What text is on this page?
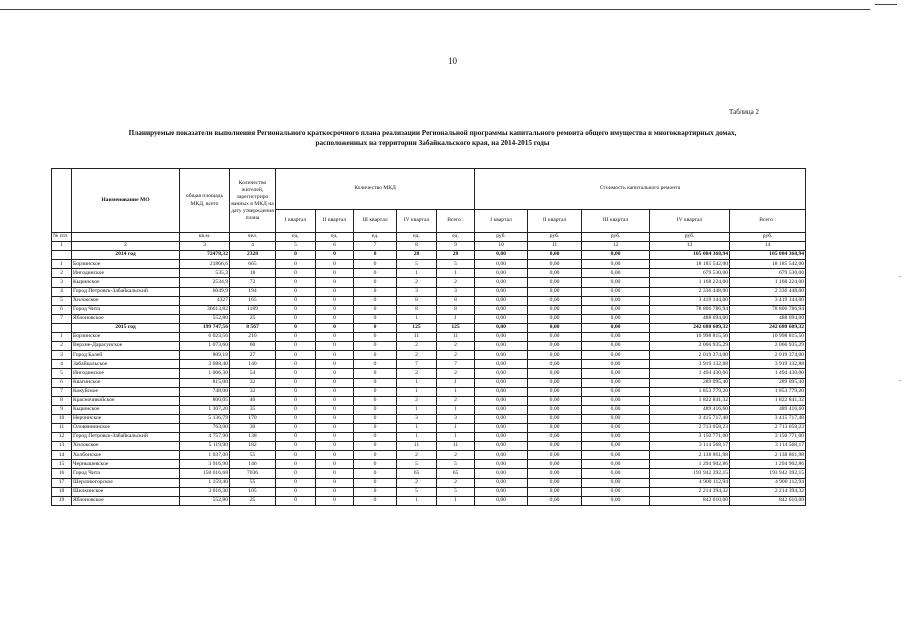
‐
‐
10
Таблица 2
Планируемые показатели выполнения Регионального краткосрочного плана реализации Региональной программы капитального ремонта общего имущества в многоквартирных домах,
расположенных на территории Забайкальского края, на 2014-2015 годы
	Наименование МО	общая площадь МКД, всего	Количество жителей, зарегистриро ванных в МКД на дату утверждения плана	Количество МКД					Стоимость капитального ремонта				
				I квартал	II квартал	III квартал	IV квартал	Всего :	I квартал	II квартал	III квартал	IV квартал	Всего :
№ п/п		кв.м.	чел.	ед.	ед.	ед.	ед.	ед.	руб.	руб.	руб.	руб.	руб.
1	2	3	4	5	6	7	8	9	10	11	12	13	14
	2014 год	72478,32	2328	0	0	0	28	28	0,00	0,00	0,00	105 084 368,94	105 084 368,94
1	Борзинское	21866,6	665	0	0	0	5	5	0,00	0,00	0,00	18 185 542,00	18 185 542,00
2	Ингодинское	535,3	18	0	0	0	1	1	0,00	0,00	0,00	679 530,00	679 530,00
3	Кыринское	2534,9	72	0	0	0	2	2	0,00	0,00	0,00	1 168 224,00	1 168 224,00
4	Город Петровск-Забайкальский	6049,9	194	0	0	0	3	3	0,00	0,00	0,00	2 336 448,00	2 336 448,00
5	Хилокское	4327	165	0	0	0	8	8	0,00	0,00	0,00	3 419 144,00	3 419 144,00
6	Город Чита	36613,82	1189	0	0	0	8	8	0,00	0,00	0,00	78 806 786,94	78 806 786,94
7	Яблоновское	552,80	25	0	0	0	1	1	0,00	0,00	0,00	488 694,00	488 694,00
	2015 год	199 747,56	8 567	0	0	0	125	125	0,00	0,00	0,00	242 680 609,32	242 680 609,32
1	Борзинское	6 023,56	210	0	0	0	11	11	0,00	0,00	0,00	10 998 815,50	10 998 815,50
2	Верхне-Дарасунское	1 073,60	60	0	0	0	2	2	0,00	0,00	0,00	2 066 935,29	2 066 935,29
3	Город Балей	809,18	27	0	0	0	2	2	0,00	0,00	0,00	2 019 374,00	2 019 374,00
4	Забайкальское	3 088,40	140	0	0	0	7	7	0,00	0,00	0,00	3 919 132,88	3 919 132,88
5	Ингодинское	1 006,30	54	0	0	0	2	2	0,00	0,00	0,00	1 494 430,00	1 494 430,00
6	Квагинское	815,00	32	0	0	0	1	1	0,00	0,00	0,00	289 095,40	289 095,40
7	Кокуйское	748,00	32	0	0	0	1	1	0,00	0,00	0,00	1 853 779,20	1 853 779,20
8	Красночикойское	800,05	40	0	0	0	2	2	0,00	0,00	0,00	1 822 841,32	1 822 841,32
9	Кыринское	1 307,20	35	0	0	0	1	1	0,00	0,00	0,00	489 416,60	489 416,60
10	Нерчинское	5 136,79	170	0	0	0	3	3	0,00	0,00	0,00	3 415 717,48	3 415 717,48
11	Оловяннинское	763,00	30	0	0	0	1	1	0,00	0,00	0,00	2 713 058,23	2 713 058,23
12	Город Петровск-Забайкальский	4 757,90	138	0	0	0	1	1	0,00	0,00	0,00	3 150 771,00	3 150 771,00
13	Хилокское	5 119,90	182	0	0	0	11	11	0,00	0,00	0,00	3 114 568,17	3 114 568,17
14	Холбонское	1 037,00	55	0	0	0	2	2	0,00	0,00	0,00	2 138 861,98	2 138 861,98
15	Чернышевское	3 916,90	146	0	0	0	5	5	0,00	0,00	0,00	1 294 902,86	1 294 902,86
16	Город Чита	158 616,68	7036	0	0	0	65	65	0,00	0,00	0,00	193 942 392,15	193 942 392,15
17	Шерловогорское	1 159,40	55	0	0	0	2	2	0,00	0,00	0,00	4 900 112,94	4 900 112,94
18	Шилкинское	3 016,30	105	0	0	0	5	5	0,00	0,00	0,00	2 214 394,32	2 214 394,32
19	Яблоновское	552,80	25	0	0	0	1	1	0,00	0,00	0,00	842 010,00	842 010,00
